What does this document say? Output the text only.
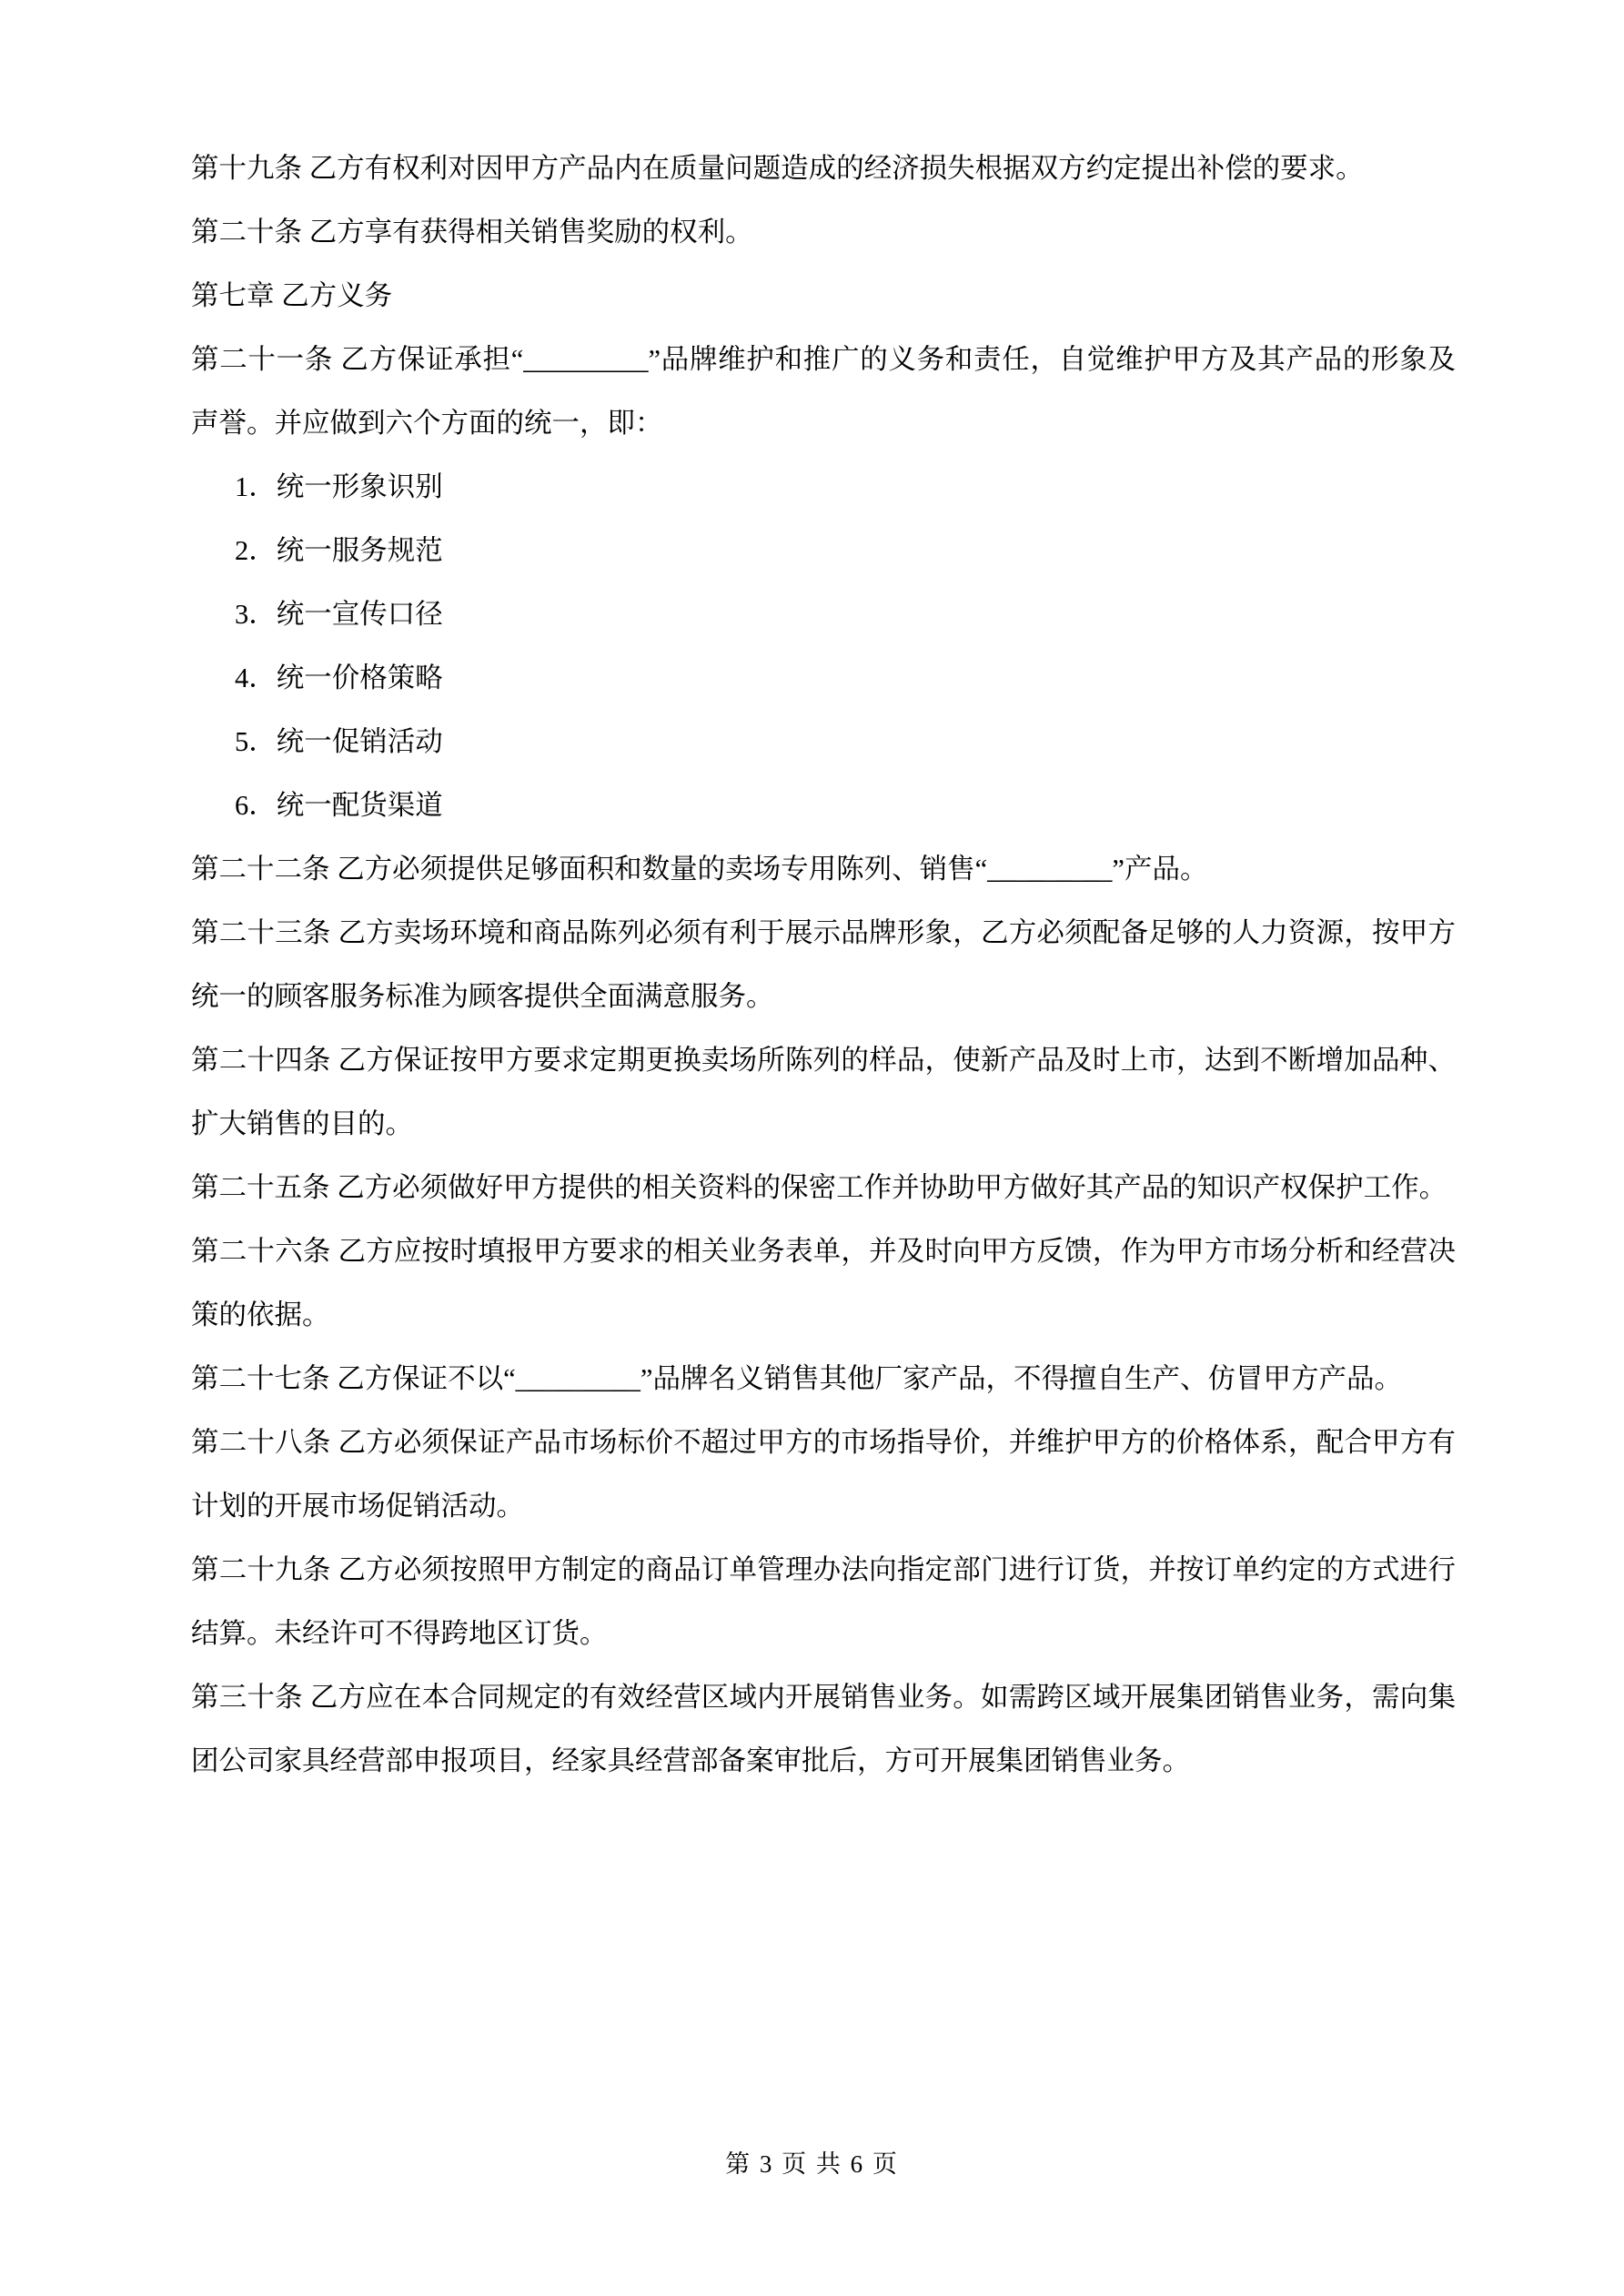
第十九条 乙方有权利对因甲方产品内在质量问题造成的经济损失根据双方约定提出补偿的要求。

第二十条 乙方享有获得相关销售奖励的权利。

第七章 乙方义务

第二十一条 乙方保证承担“_________”品牌维护和推广的义务和责任，自觉维护甲方及其产品的形象及声誉。并应做到六个方面的统一，即：

1．统一形象识别

2．统一服务规范

3．统一宣传口径

4．统一价格策略

5．统一促销活动

6．统一配货渠道

第二十二条 乙方必须提供足够面积和数量的卖场专用陈列、销售“_________”产品。

第二十三条 乙方卖场环境和商品陈列必须有利于展示品牌形象，乙方必须配备足够的人力资源，按甲方统一的顾客服务标准为顾客提供全面满意服务。

第二十四条 乙方保证按甲方要求定期更换卖场所陈列的样品，使新产品及时上市，达到不断增加品种、扩大销售的目的。

第二十五条 乙方必须做好甲方提供的相关资料的保密工作并协助甲方做好其产品的知识产权保护工作。

第二十六条 乙方应按时填报甲方要求的相关业务表单，并及时向甲方反馈，作为甲方市场分析和经营决策的依据。

第二十七条 乙方保证不以“_________”品牌名义销售其他厂家产品，不得擅自生产、仿冒甲方产品。

第二十八条 乙方必须保证产品市场标价不超过甲方的市场指导价，并维护甲方的价格体系，配合甲方有计划的开展市场促销活动。

第二十九条 乙方必须按照甲方制定的商品订单管理办法向指定部门进行订货，并按订单约定的方式进行结算。未经许可不得跨地区订货。

第三十条 乙方应在本合同规定的有效经营区域内开展销售业务。如需跨区域开展集团销售业务，需向集团公司家具经营部申报项目，经家具经营部备案审批后，方可开展集团销售业务。

第 3 页 共 6 页
